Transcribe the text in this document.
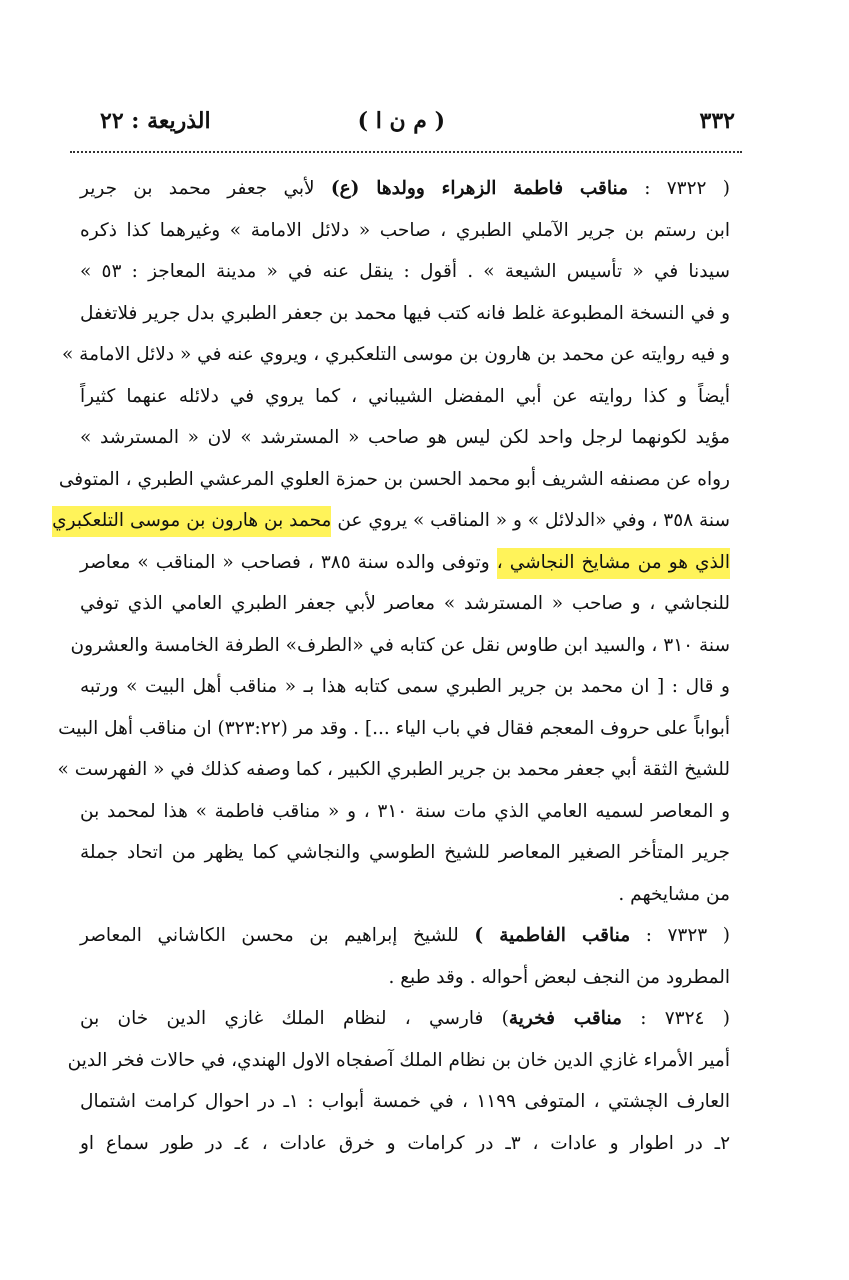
٣٣٢
( م ن ا )
الذريعة : ٢٢
( ٧٣٢٢ : مناقب فاطمة الزهراء وولدها (ع) لأبي جعفر محمد بن جرير
ابن رستم بن جرير الآملي الطبري ، صاحب « دلائل الامامة » وغيرهما كذا ذكره
سيدنا في « تأسيس الشيعة » . أقول : ينقل عنه في « مدينة المعاجز : ٥٣ »
و في النسخة المطبوعة غلط فانه كتب فيها محمد بن جعفر الطبري بدل جرير فلاتغفل
و فيه روايته عن محمد بن هارون بن موسى التلعكبري ، ويروي عنه في « دلائل الامامة »
أيضاً و كذا روايته عن أبي المفضل الشيباني ، كما يروي في دلائله عنهما كثيراً
مؤيد لكونهما لرجل واحد لكن ليس هو صاحب « المسترشد » لان « المسترشد »
رواه عن مصنفه الشريف أبو محمد الحسن بن حمزة العلوي المرعشي الطبري ، المتوفى
سنة ٣٥٨ ، وفي «الدلائل » و « المناقب » يروي عن محمد بن هارون بن موسى التلعكبري
الذي هو من مشايخ النجاشي ، وتوفى والده سنة ٣٨٥ ، فصاحب « المناقب » معاصر
للنجاشي ، و صاحب « المسترشد » معاصر لأبي جعفر الطبري العامي الذي توفي
سنة ٣١٠ ، والسيد ابن طاوس نقل عن كتابه في «الطرف» الطرفة الخامسة والعشرون
و قال : [ ان محمد بن جرير الطبري سمى كتابه هذا بـ « مناقب أهل البيت » ورتبه
أبواباً على حروف المعجم فقال في باب الياء ...] . وقد مر (٣٢٣:٢٢) ان مناقب أهل البيت
للشيخ الثقة أبي جعفر محمد بن جرير الطبري الكبير ، كما وصفه كذلك في « الفهرست »
و المعاصر لسميه العامي الذي مات سنة ٣١٠ ، و « مناقب فاطمة » هذا لمحمد بن
جرير المتأخر الصغير المعاصر للشيخ الطوسي والنجاشي كما يظهر من اتحاد جملة
من مشايخهم .
( ٧٣٢٣ : مناقب الفاطمية ) للشيخ إبراهيم بن محسن الكاشاني المعاصر
المطرود من النجف لبعض أحواله . وقد طبع .
( ٧٣٢٤ : مناقب فخرية) فارسي ، لنظام الملك غازي الدين خان بن
أمير الأمراء غازي الدين خان بن نظام الملك آصفجاه الاول الهندي، في حالات فخر الدين
العارف الچشتي ، المتوفى ١١٩٩ ، في خمسة أبواب : ١ـ در احوال كرامت اشتمال
٢ـ در اطوار و عادات ، ٣ـ در كرامات و خرق عادات ، ٤ـ در طور سماع او
